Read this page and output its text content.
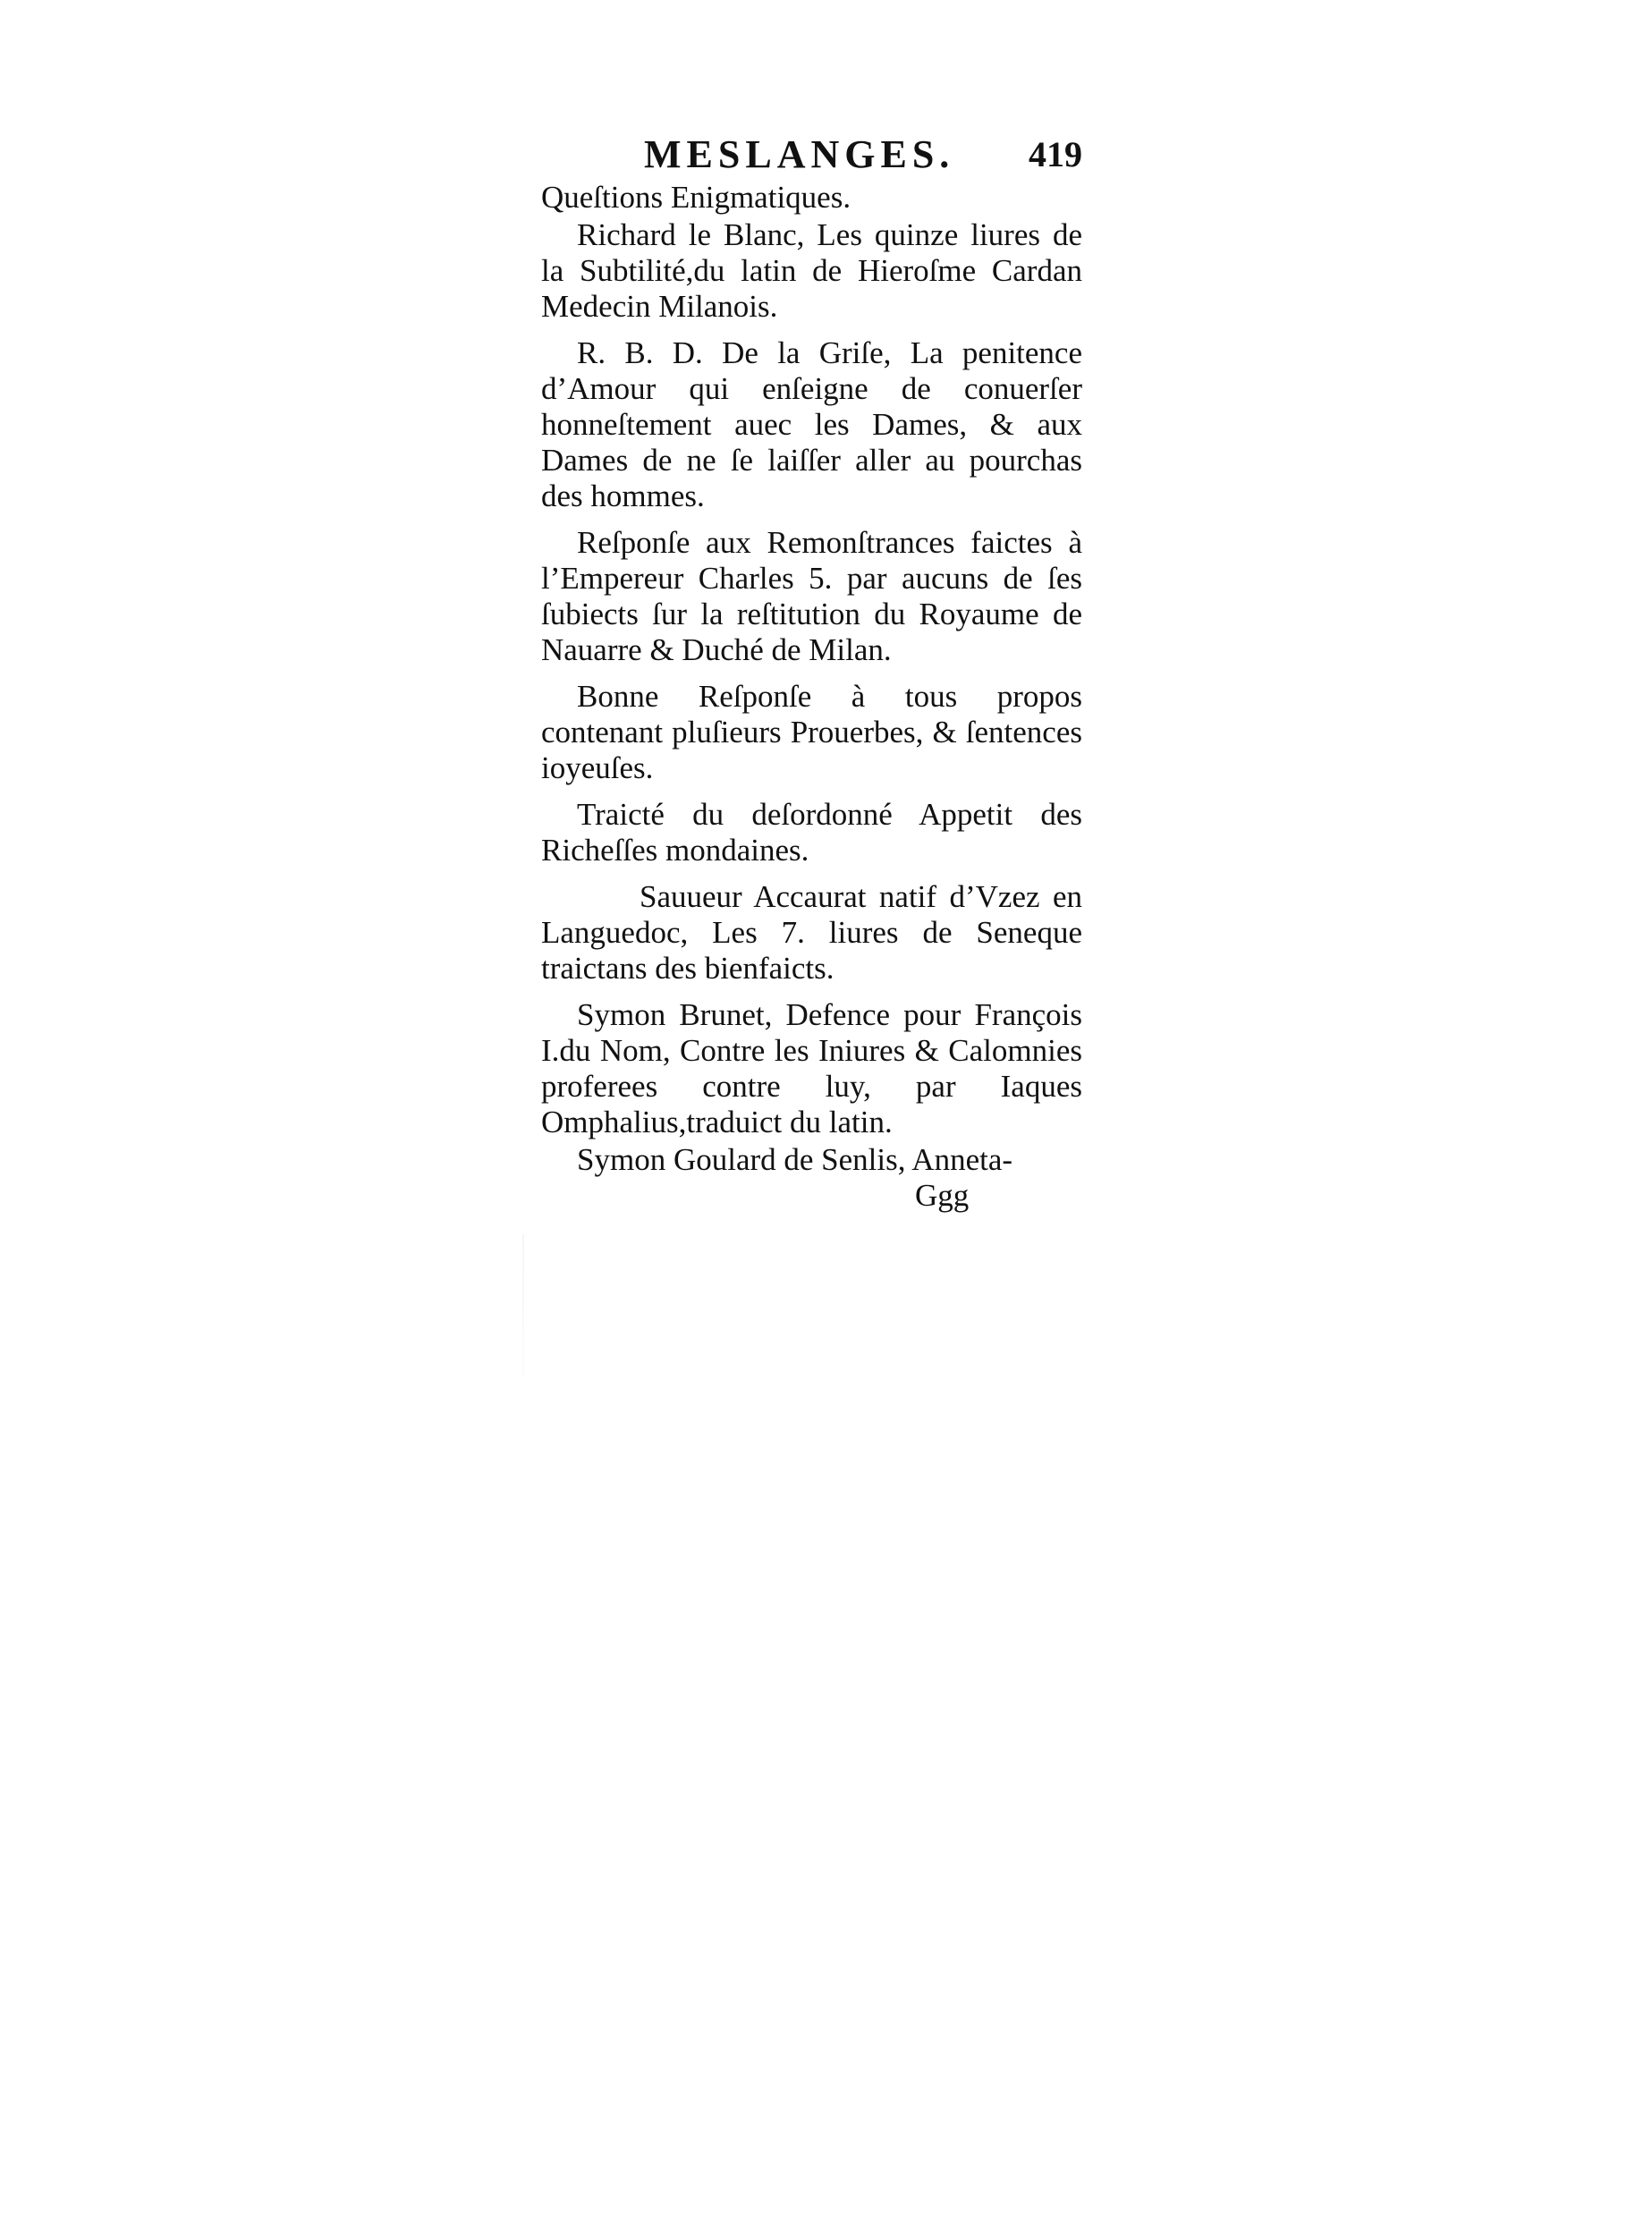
MESLANGES. 419

Queſtions Enigmatiques.

Richard le Blanc, Les quinze liures de la Subtilité,du latin de Hieroſme Cardan Medecin Milanois.

R. B. D. De la Griſe, La penitence d’Amour qui enſeigne de conuerſer honneſtement auec les Dames, & aux Dames de ne ſe laiſſer aller au pourchas des hommes.

Reſponſe aux Remonſtrances faictes à l’Empereur Charles 5. par aucuns de ſes ſubiects ſur la reſtitution du Royaume de Nauarre & Duché de Milan.

Bonne Reſponſe à tous propos contenant pluſieurs Prouerbes, & ſentences ioyeuſes.

Traicté du deſordonné Appetit des Richeſſes mondaines.

Sauueur Accaurat natif d’Vzez en Languedoc, Les 7. liures de Seneque traictans des bienfaicts.

Symon Brunet, Defence pour François I.du Nom, Contre les Iniures & Calomnies proferees contre luy, par Iaques Omphalius,traduict du latin.

Symon Goulard de Senlis, Anneta-

Ggg
